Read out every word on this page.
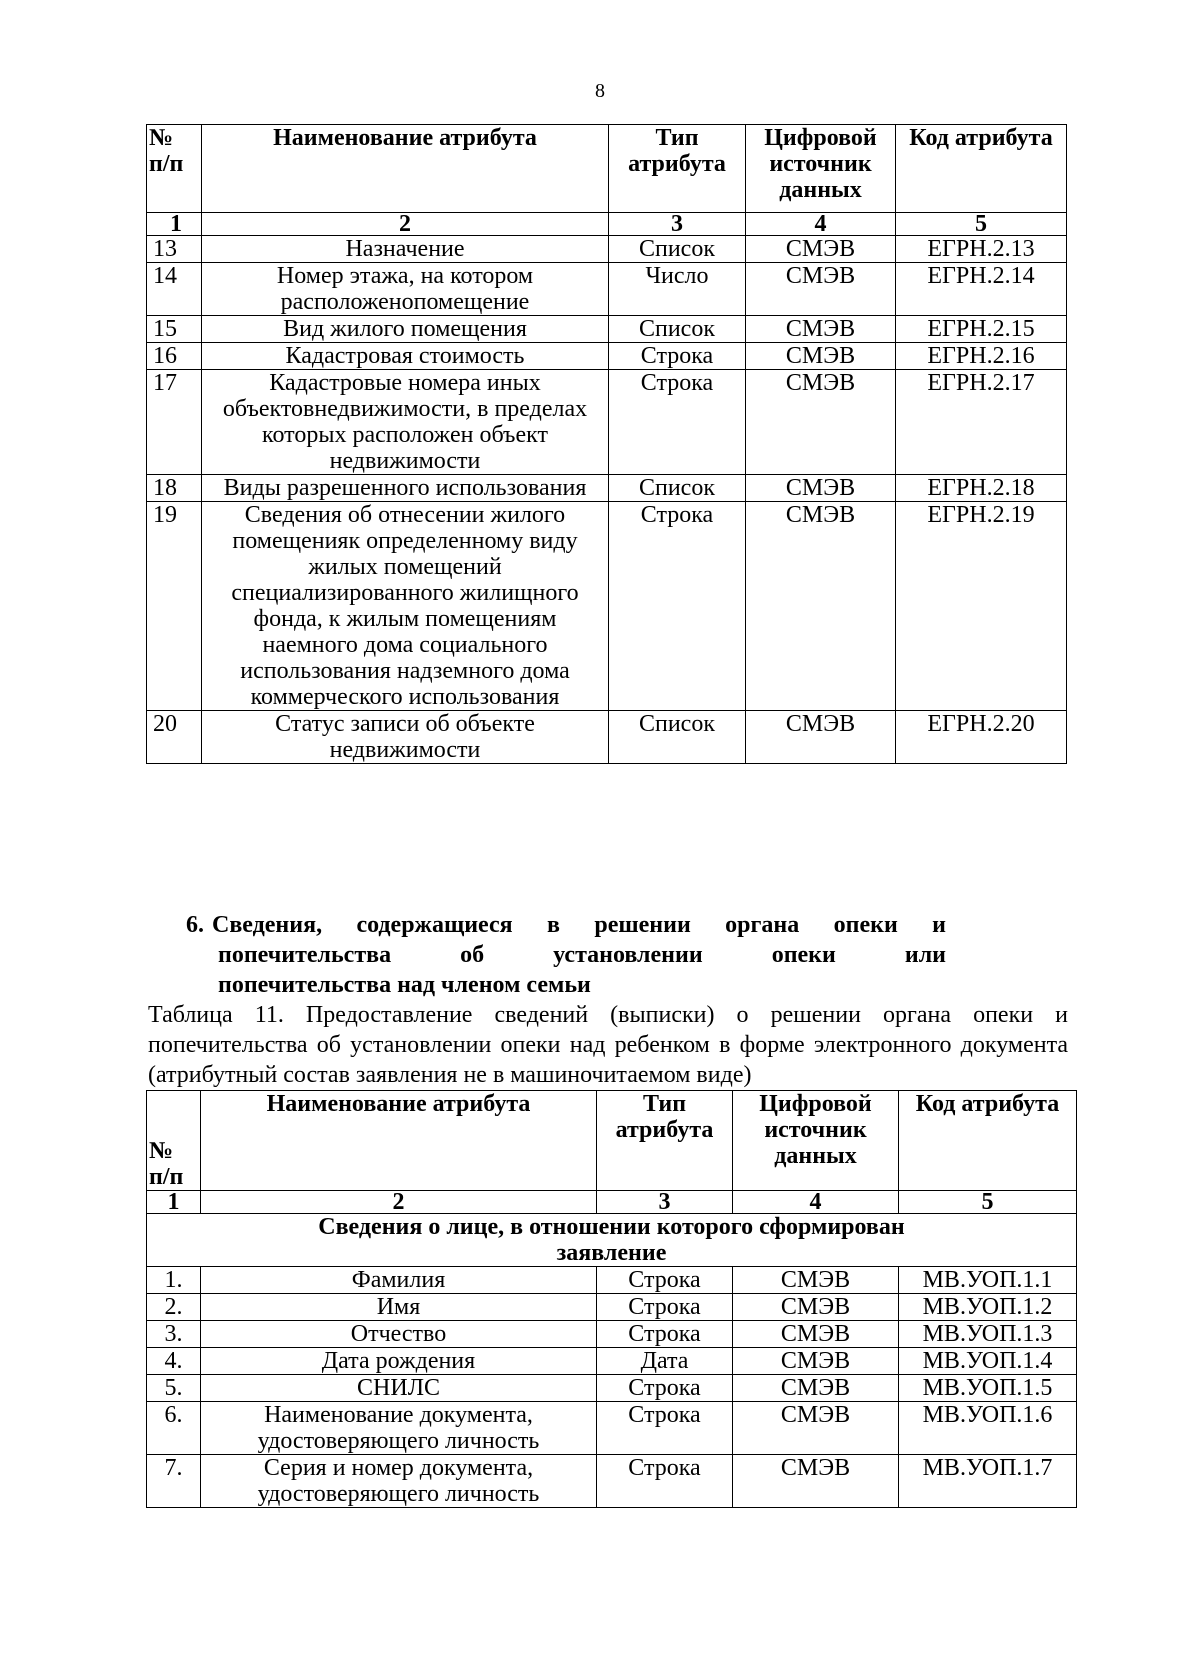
8
№ п/п	Наименование атрибута	Тип атрибута	Цифровой источник данных	Код атрибута
1	2	3	4	5
13	Назначение	Список	СМЭВ	ЕГРН.2.13
14	Номер этажа, на котором расположенопомещение	Число	СМЭВ	ЕГРН.2.14
15	Вид жилого помещения	Список	СМЭВ	ЕГРН.2.15
16	Кадастровая стоимость	Строка	СМЭВ	ЕГРН.2.16
17	Кадастровые номера иных объектовнедвижимости, в пределах которых расположен объект недвижимости	Строка	СМЭВ	ЕГРН.2.17
18	Виды разрешенного использования	Список	СМЭВ	ЕГРН.2.18
19	Сведения об отнесении жилого помещенияк определенному виду жилых помещений специализированного жилищного фонда, к жилым помещениям наемного дома социального использования надземного дома коммерческого использования	Строка	СМЭВ	ЕГРН.2.19
20	Статус записи об объекте недвижимости	Список	СМЭВ	ЕГРН.2.20
6. Сведения, содержащиеся в решении органа опеки и
попечительства об установлении опеки или
попечительства над членом семьи
Таблица 11. Предоставление сведений (выписки) о решении органа опеки и попечительства об установлении опеки над ребенком в форме электронного документа (атрибутный состав заявления не в машиночитаемом виде)
№ п/п	Наименование атрибута	Тип атрибута	Цифровой источник данных	Код атрибута
1	2	3	4	5
Сведения о лице, в отношении которого сформирован заявление				
1.	Фамилия	Строка	СМЭВ	МВ.УОП.1.1
2.	Имя	Строка	СМЭВ	МВ.УОП.1.2
3.	Отчество	Строка	СМЭВ	МВ.УОП.1.3
4.	Дата рождения	Дата	СМЭВ	МВ.УОП.1.4
5.	СНИЛС	Строка	СМЭВ	МВ.УОП.1.5
6.	Наименование документа, удостоверяющего личность	Строка	СМЭВ	МВ.УОП.1.6
7.	Серия и номер документа, удостоверяющего личность	Строка	СМЭВ	МВ.УОП.1.7
